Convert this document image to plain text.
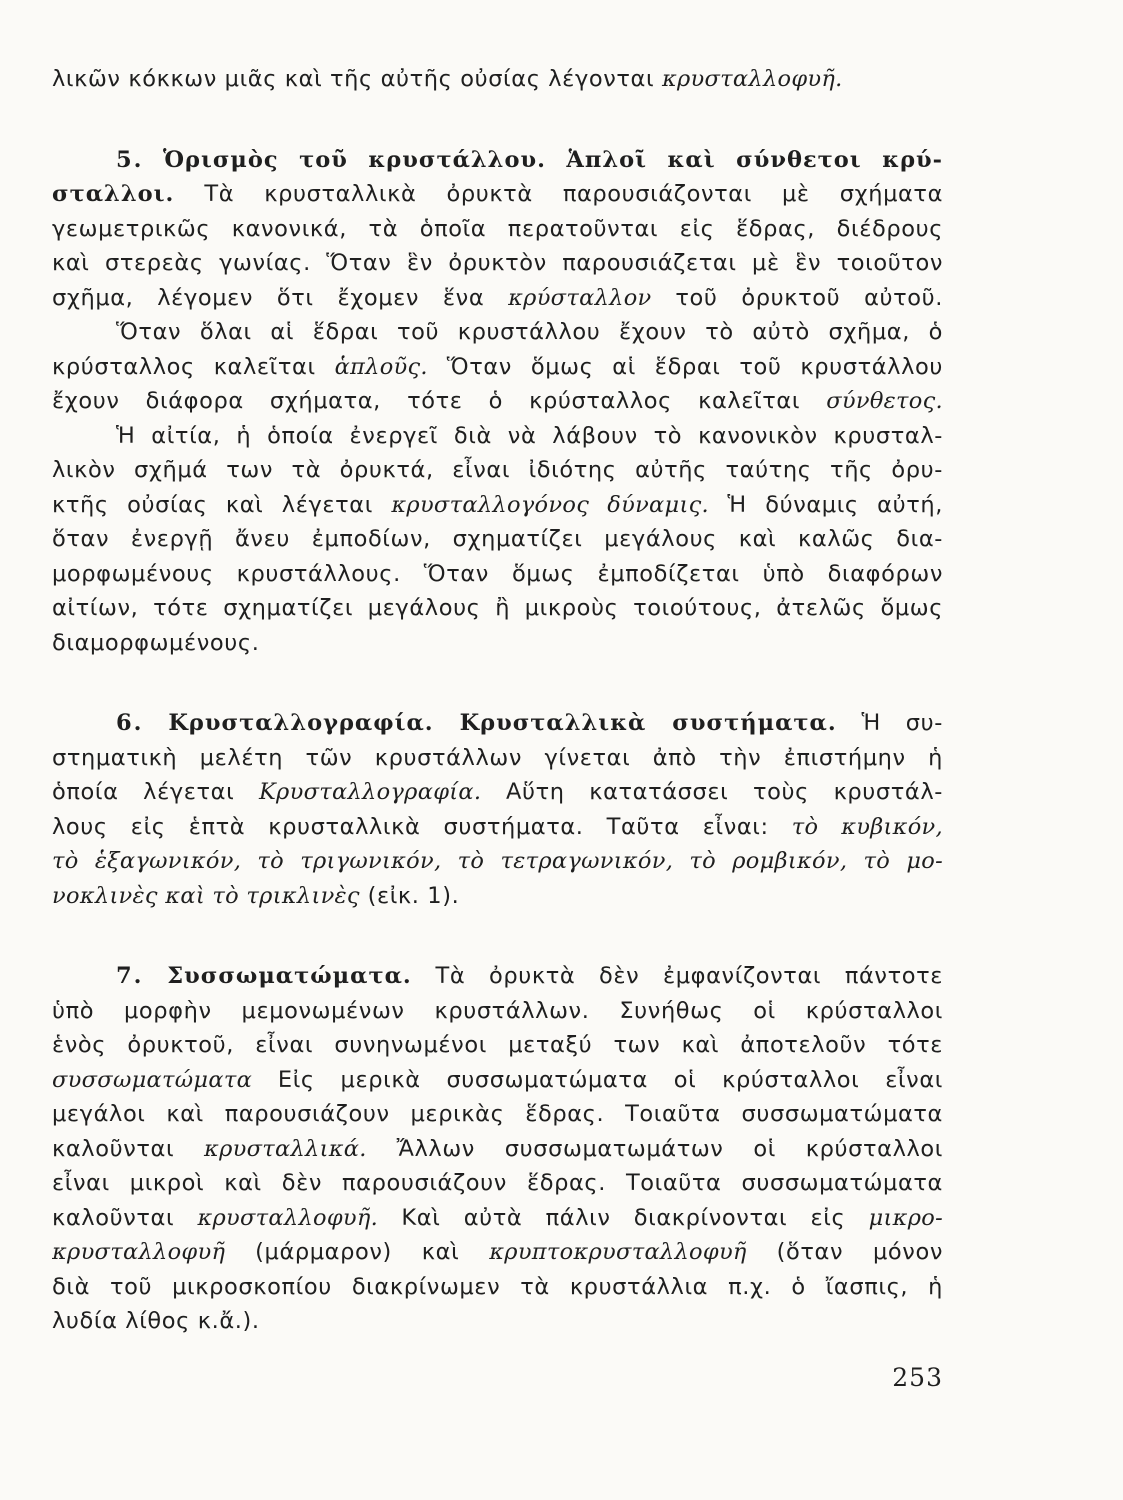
λικῶν κόκκων μιᾶς καὶ τῆς αὐτῆς οὐσίας λέγονται κρυσταλλοφυῆ.
5. Ὁρισμὸς τοῦ κρυστάλλου. Ἁπλοῖ καὶ σύνθετοι κρύ-
σταλλοι. Τὰ κρυσταλλικὰ ὀρυκτὰ παρουσιάζονται μὲ σχήματα
γεωμετρικῶς κανονικά, τὰ ὁποῖα περατοῦνται εἰς ἕδρας, διέδρους
καὶ στερεὰς γωνίας. Ὅταν ἓν ὀρυκτὸν παρουσιάζεται μὲ ἓν τοιοῦτον
σχῆμα, λέγομεν ὅτι ἔχομεν ἕνα κρύσταλλον τοῦ ὀρυκτοῦ αὐτοῦ.
Ὅταν ὅλαι αἱ ἕδραι τοῦ κρυστάλλου ἔχουν τὸ αὐτὸ σχῆμα, ὁ
κρύσταλλος καλεῖται ἁπλοῦς. Ὅταν ὅμως αἱ ἕδραι τοῦ κρυστάλλου
ἔχουν διάφορα σχήματα, τότε ὁ κρύσταλλος καλεῖται σύνθετος.
Ἡ αἰτία, ἡ ὁποία ἐνεργεῖ διὰ νὰ λάβουν τὸ κανονικὸν κρυσταλ-
λικὸν σχῆμά των τὰ ὀρυκτά, εἶναι ἰδιότης αὐτῆς ταύτης τῆς ὀρυ-
κτῆς οὐσίας καὶ λέγεται κρυσταλλογόνος δύναμις. Ἡ δύναμις αὐτή,
ὅταν ἐνεργῇ ἄνευ ἐμποδίων, σχηματίζει μεγάλους καὶ καλῶς δια-
μορφωμένους κρυστάλλους. Ὅταν ὅμως ἐμποδίζεται ὑπὸ διαφόρων
αἰτίων, τότε σχηματίζει μεγάλους ἢ μικροὺς τοιούτους, ἀτελῶς ὅμως
διαμορφωμένους.
6. Κρυσταλλογραφία. Κρυσταλλικὰ συστήματα. Ἡ συ-
στηματικὴ μελέτη τῶν κρυστάλλων γίνεται ἀπὸ τὴν ἐπιστήμην ἡ
ὁποία λέγεται Κρυσταλλογραφία. Αὕτη κατατάσσει τοὺς κρυστάλ-
λους εἰς ἑπτὰ κρυσταλλικὰ συστήματα. Ταῦτα εἶναι: τὸ κυβικόν,
τὸ ἑξαγωνικόν, τὸ τριγωνικόν, τὸ τετραγωνικόν, τὸ ρομβικόν, τὸ μο-
νοκλινὲς καὶ τὸ τρικλινὲς (εἰκ. 1).
7. Συσσωματώματα. Τὰ ὀρυκτὰ δὲν ἐμφανίζονται πάντοτε
ὑπὸ μορφὴν μεμονωμένων κρυστάλλων. Συνήθως οἱ κρύσταλλοι
ἑνὸς ὀρυκτοῦ, εἶναι συνηνωμένοι μεταξύ των καὶ ἀποτελοῦν τότε
συσσωματώματα Εἰς μερικὰ συσσωματώματα οἱ κρύσταλλοι εἶναι
μεγάλοι καὶ παρουσιάζουν μερικὰς ἕδρας. Τοιαῦτα συσσωματώματα
καλοῦνται κρυσταλλικά. Ἄλλων συσσωματωμάτων οἱ κρύσταλλοι
εἶναι μικροὶ καὶ δὲν παρουσιάζουν ἕδρας. Τοιαῦτα συσσωματώματα
καλοῦνται κρυσταλλοφυῆ. Καὶ αὐτὰ πάλιν διακρίνονται εἰς μικρο-
κρυσταλλοφυῆ (μάρμαρον) καὶ κρυπτοκρυσταλλοφυῆ (ὅταν μόνον
διὰ τοῦ μικροσκοπίου διακρίνωμεν τὰ κρυστάλλια π.χ. ὁ ἴασπις, ἡ
λυδία λίθος κ.ἄ.).
253
